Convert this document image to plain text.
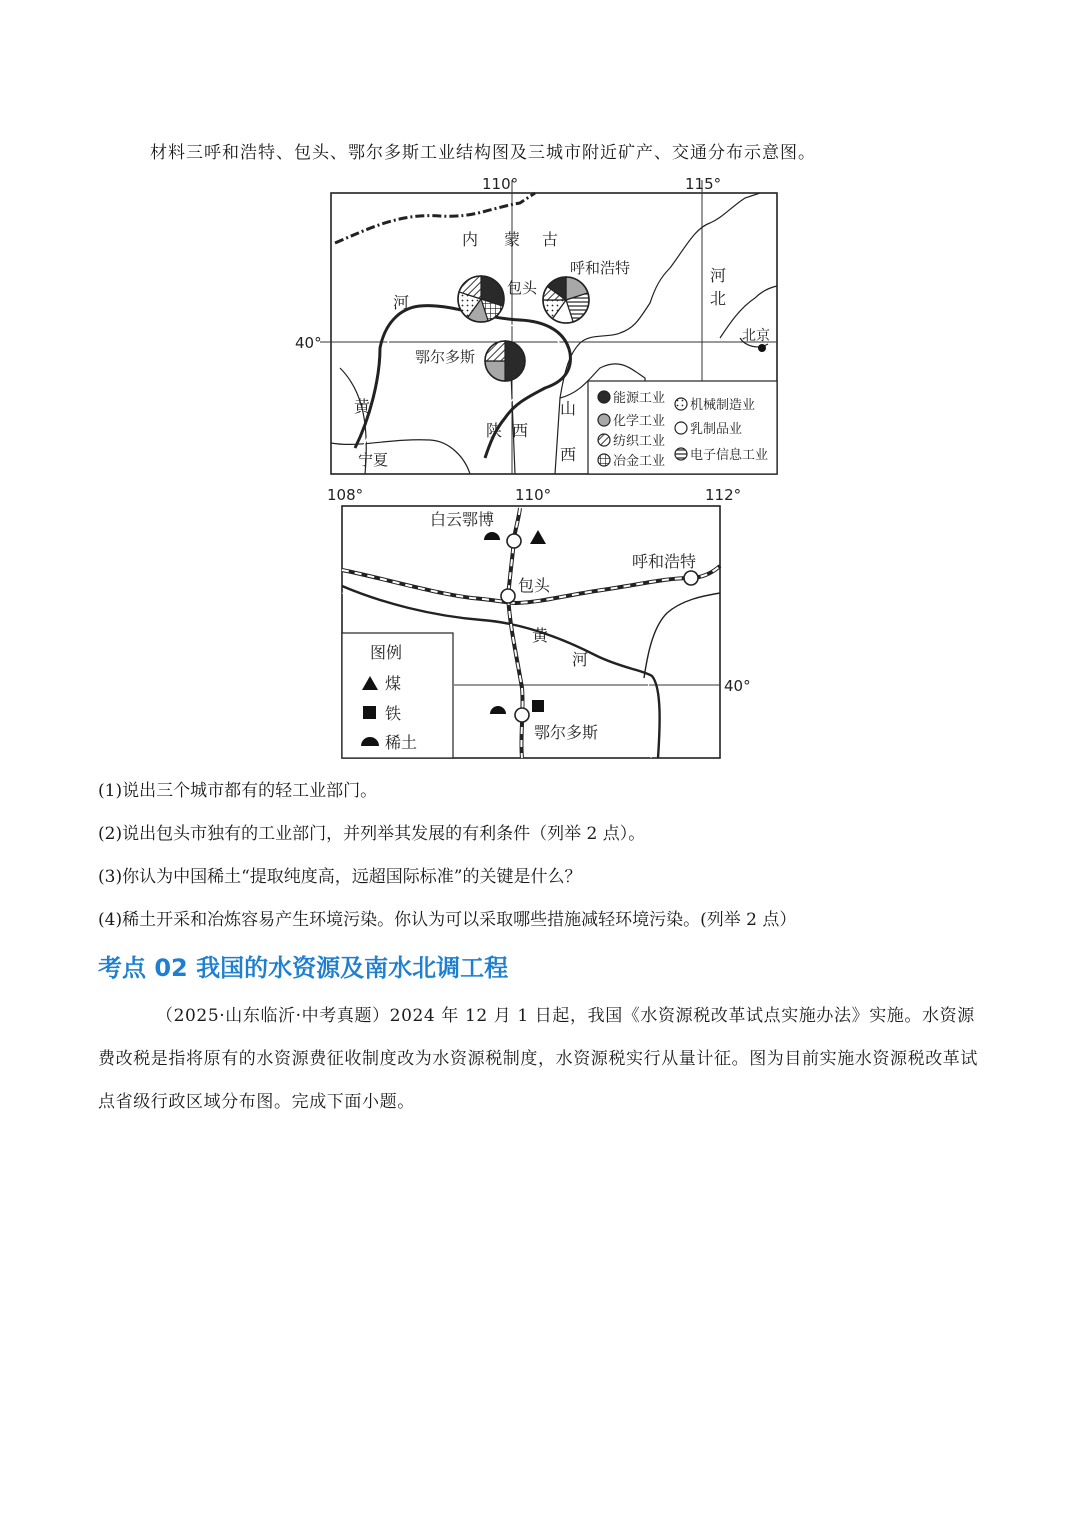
材料三呼和浩特、包头、鄂尔多斯工业结构图及三城市附近矿产、交通分布示意图。
内 蒙 古
河
北
河
黄
宁夏
陕 西
山
西
110°	115°
40°
包头
呼和浩特
鄂尔多斯
北京
能源工业
化学工业
纺织工业
冶金工业
机械制造业
乳制品业
电子信息工业
108°	110°	112°
40°
白云鄂博
包头
呼和浩特
鄂尔多斯
黄
河
图例
煤
铁
稀土
(1)说出三个城市都有的轻工业部门。
(2)说出包头市独有的工业部门，并列举其发展的有利条件（列举 2 点）。
(3)你认为中国稀土“提取纯度高，远超国际标准”的关键是什么？
(4)稀土开采和冶炼容易产生环境污染。你认为可以采取哪些措施减轻环境污染。(列举 2 点）
考点 02 我国的水资源及南水北调工程
（2025·山东临沂·中考真题）2024 年 12 月 1 日起，我国《水资源税改革试点实施办法》实施。水资源费改税是指将原有的水资源费征收制度改为水资源税制度，水资源税实行从量计征。图为目前实施水资源税改革试点省级行政区域分布图。完成下面小题。
